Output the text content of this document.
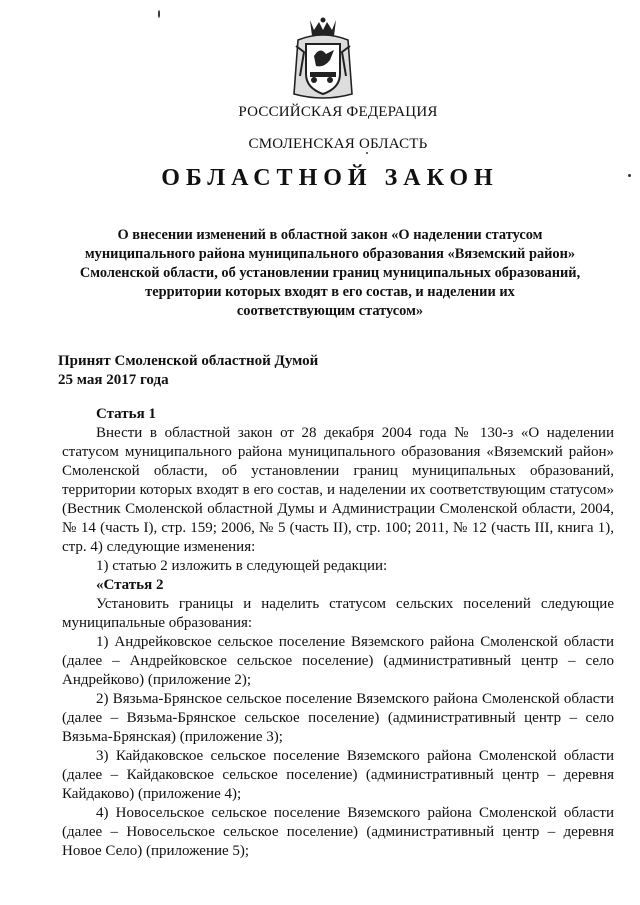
РОССИЙСКАЯ ФЕДЕРАЦИЯ
СМОЛЕНСКАЯ ОБЛАСТЬ
ОБЛАСТНОЙ ЗАКОН
О внесении изменений в областной закон «О наделении статусом
муниципального района муниципального образования «Вяземский район»
Смоленской области, об установлении границ муниципальных образований,
территории которых входят в его состав, и наделении их
соответствующим статусом»
Принят Смоленской областной Думой
25 мая 2017 года

Статья 1

Внести в областной закон от 28 декабря 2004 года № 130-з «О наделении статусом муниципального района муниципального образования «Вяземский район» Смоленской области, об установлении границ муниципальных образований, территории которых входят в его состав, и наделении их соответствующим статусом» (Вестник Смоленской областной Думы и Администрации Смоленской области, 2004, № 14 (часть I), стр. 159; 2006, № 5 (часть II), стр. 100; 2011, № 12 (часть III, книга 1), стр. 4) следующие изменения:

1) статью 2 изложить в следующей редакции:

«Статья 2

Установить границы и наделить статусом сельских поселений следующие муниципальные образования:

1) Андрейковское сельское поселение Вяземского района Смоленской области (далее – Андрейковское сельское поселение) (административный центр – село Андрейково) (приложение 2);

2) Вязьма-Брянское сельское поселение Вяземского района Смоленской области (далее – Вязьма-Брянское сельское поселение) (административный центр – село Вязьма-Брянская) (приложение 3);

3) Кайдаковское сельское поселение Вяземского района Смоленской области (далее – Кайдаковское сельское поселение) (административный центр – деревня Кайдаково) (приложение 4);

4) Новосельское сельское поселение Вяземского района Смоленской области (далее – Новосельское сельское поселение) (административный центр – деревня Новое Село) (приложение 5);
